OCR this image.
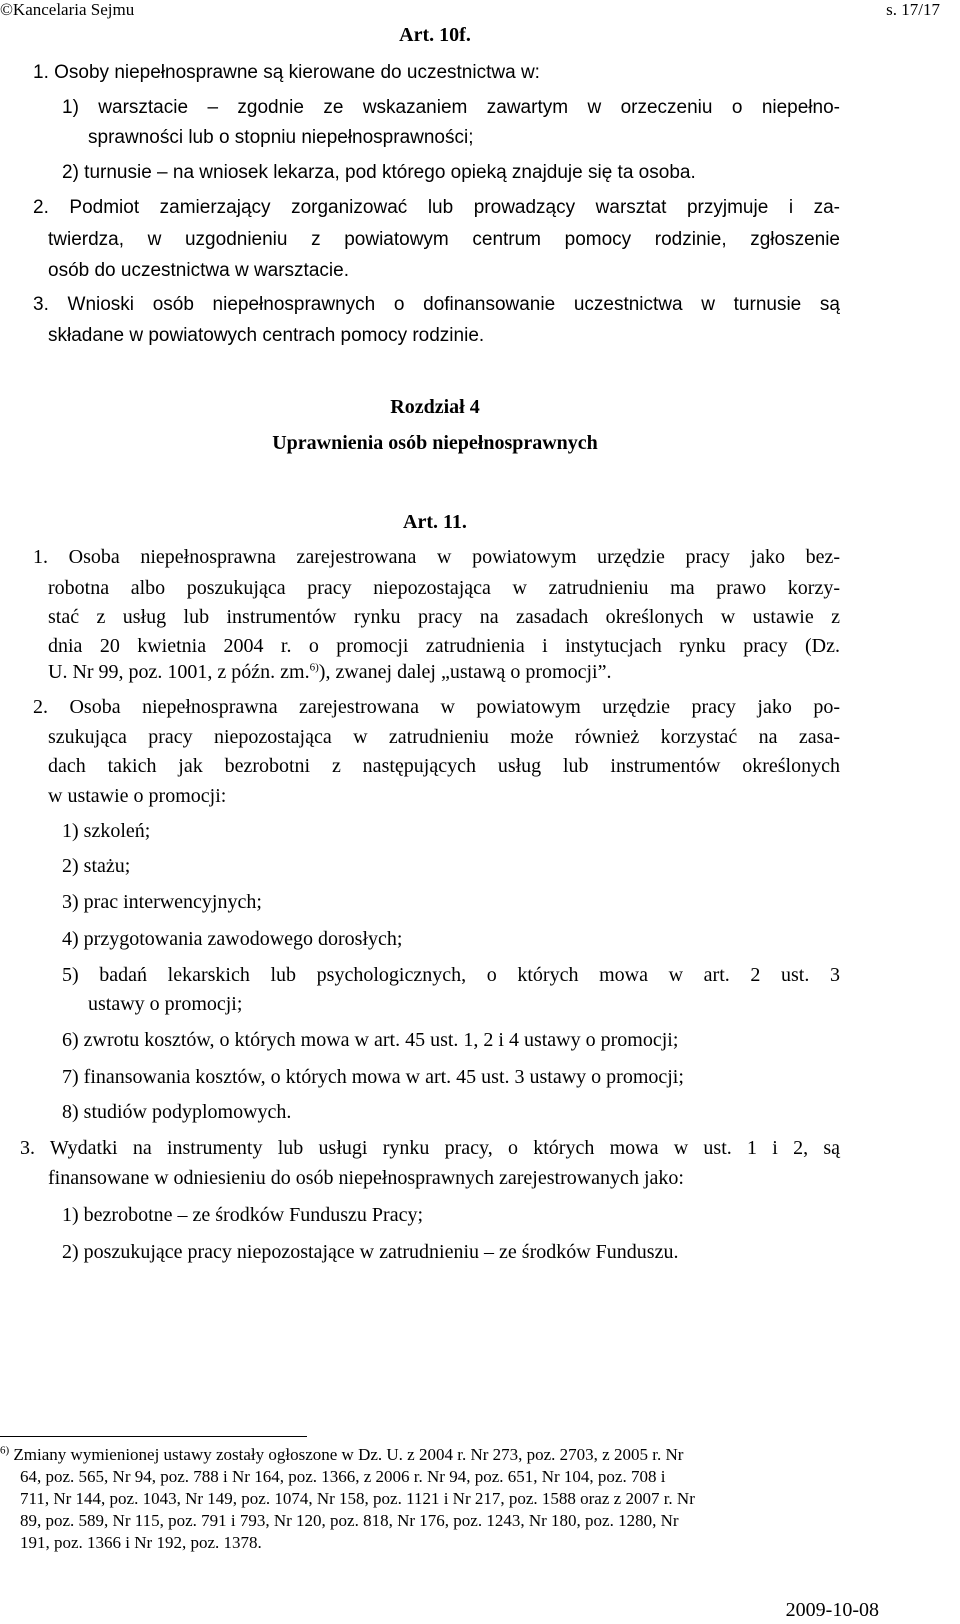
©Kancelaria Sejmu	s. 17/17
Art. 10f.
1. Osoby niepełnosprawne są kierowane do uczestnictwa w:
1) warsztacie – zgodnie ze wskazaniem zawartym w orzeczeniu o niepełno-
sprawności lub o stopniu niepełnosprawności;
2) turnusie – na wniosek lekarza, pod którego opieką znajduje się ta osoba.
2. Podmiot zamierzający zorganizować lub prowadzący warsztat przyjmuje i za-
twierdza, w uzgodnieniu z powiatowym centrum pomocy rodzinie, zgłoszenie
osób do uczestnictwa w warsztacie.
3. Wnioski osób niepełnosprawnych o dofinansowanie uczestnictwa w turnusie są
składane w powiatowych centrach pomocy rodzinie.
Rozdział 4
Uprawnienia osób niepełnosprawnych
Art. 11.
1. Osoba niepełnosprawna zarejestrowana w powiatowym urzędzie pracy jako bez-
robotna albo poszukująca pracy niepozostająca w zatrudnieniu ma prawo korzy-
stać z usług lub instrumentów rynku pracy na zasadach określonych w ustawie z
dnia 20 kwietnia 2004 r. o promocji zatrudnienia i instytucjach rynku pracy (Dz.
U. Nr 99, poz. 1001, z późn. zm.$^{6)}$), zwanej dalej „ustawą o promocji”.
2. Osoba niepełnosprawna zarejestrowana w powiatowym urzędzie pracy jako po-
szukująca pracy niepozostająca w zatrudnieniu może również korzystać na zasa-
dach takich jak bezrobotni z następujących usług lub instrumentów określonych
w ustawie o promocji:
1) szkoleń;
2) stażu;
3) prac interwencyjnych;
4) przygotowania zawodowego dorosłych;
5) badań lekarskich lub psychologicznych, o których mowa w art. 2 ust. 3
ustawy o promocji;
6) zwrotu kosztów, o których mowa w art. 45 ust. 1, 2 i 4 ustawy o promocji;
7) finansowania kosztów, o których mowa w art. 45 ust. 3 ustawy o promocji;
8) studiów podyplomowych.
3. Wydatki na instrumenty lub usługi rynku pracy, o których mowa w ust. 1 i 2, są
finansowane w odniesieniu do osób niepełnosprawnych zarejestrowanych jako:
1) bezrobotne – ze środków Funduszu Pracy;
2) poszukujące pracy niepozostające w zatrudnieniu – ze środków Funduszu.
$^{6)}$ Zmiany wymienionej ustawy zostały ogłoszone w Dz. U. z 2004 r. Nr 273, poz. 2703, z 2005 r. Nr
64, poz. 565, Nr 94, poz. 788 i Nr 164, poz. 1366, z 2006 r. Nr 94, poz. 651, Nr 104, poz. 708 i
711, Nr 144, poz. 1043, Nr 149, poz. 1074, Nr 158, poz. 1121 i Nr 217, poz. 1588 oraz z 2007 r. Nr
89, poz. 589, Nr 115, poz. 791 i 793, Nr 120, poz. 818, Nr 176, poz. 1243, Nr 180, poz. 1280, Nr
191, poz. 1366 i Nr 192, poz. 1378.
2009-10-08
